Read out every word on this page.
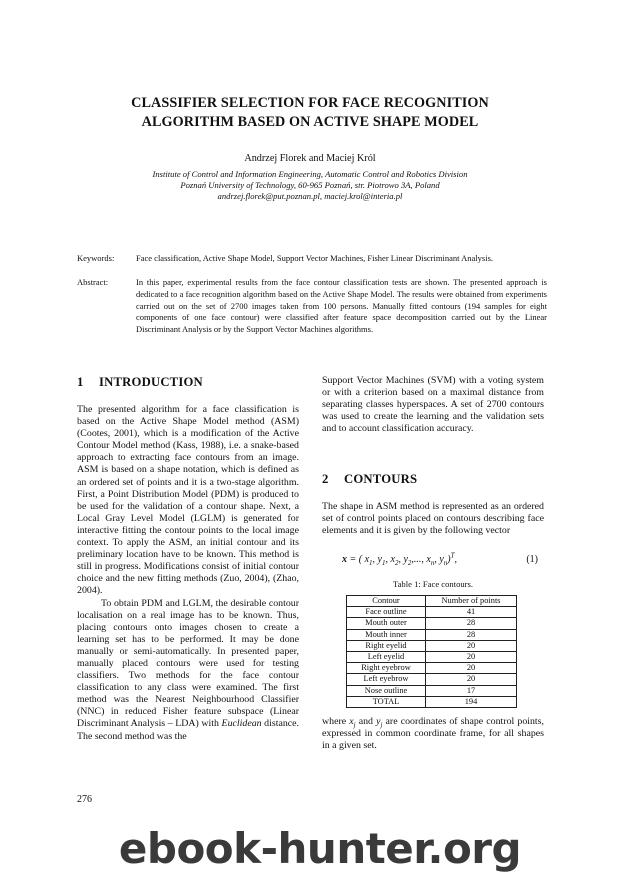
CLASSIFIER SELECTION FOR FACE RECOGNITION
ALGORITHM BASED ON ACTIVE SHAPE MODEL
Andrzej Florek and Maciej Król
Institute of Control and Information Engineering, Automatic Control and Robotics Division
Poznań University of Technology, 60-965 Poznań, str. Piotrowo 3A, Poland
andrzej.florek@put.poznan.pl, maciej.krol@interia.pl
Keywords:	Face classification, Active Shape Model, Support Vector Machines, Fisher Linear Discriminant Analysis.
Abstract:	In this paper, experimental results from the face contour classification tests are shown. The presented approach is dedicated to a face recognition algorithm based on the Active Shape Model. The results were obtained from experiments carried out on the set of 2700 images taken from 100 persons. Manually fitted contours (194 samples for eight components of one face contour) were classified after feature space decomposition carried out by the Linear Discriminant Analysis or by the Support Vector Machines algorithms.
1 INTRODUCTION

The presented algorithm for a face classification is based on the Active Shape Model method (ASM) (Cootes, 2001), which is a modification of the Active Contour Model method (Kass, 1988), i.e. a snake-based approach to extracting face contours from an image. ASM is based on a shape notation, which is defined as an ordered set of points and it is a two-stage algorithm. First, a Point Distribution Model (PDM) is produced to be used for the validation of a contour shape. Next, a Local Gray Level Model (LGLM) is generated for interactive fitting the contour points to the local image context. To apply the ASM, an initial contour and its preliminary location have to be known. This method is still in progress. Modifications consist of initial contour choice and the new fitting methods (Zuo, 2004), (Zhao, 2004).

To obtain PDM and LGLM, the desirable contour localisation on a real image has to be known. Thus, placing contours onto images chosen to create a learning set has to be performed. It may be done manually or semi-automatically. In presented paper, manually placed contours were used for testing classifiers. Two methods for the face contour classification to any class were examined. The first method was the Nearest Neighbourhood Classifier (NNC) in reduced Fisher feature subspace (Linear Discriminant Analysis – LDA) with Euclidean distance. The second method was the

Support Vector Machines (SVM) with a voting system or with a criterion based on a maximal distance from separating classes hyperspaces. A set of 2700 contours was used to create the learning and the validation sets and to account classification accuracy.
2 CONTOURS
The shape in ASM method is represented as an ordered set of control points placed on contours describing face elements and it is given by the following vector
x = ( $x_1$, $y_1$, $x_2$, $y_2$,..., $x_n$, $y_n)^T$,	(1)
Table 1: Face contours.
Contour	Number of points
Face outline	41
Mouth outer	28
Mouth inner	28
Right eyelid	20
Left eyelid	20
Right eyebrow	20
Left eyebrow	20
Nose outline	17
TOTAL	194
where $x_j$ and $y_j$ are coordinates of shape control points, expressed in common coordinate frame, for all shapes in a given set.
276
ebook-hunter.org
